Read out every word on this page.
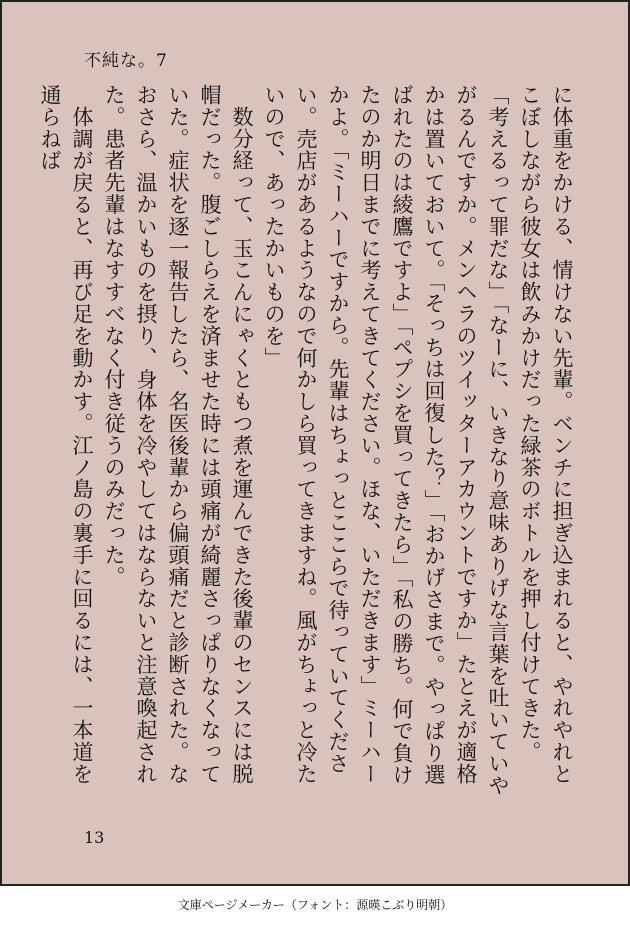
不純な。7

に体重をかける、情けない先輩。ベンチに担ぎ込まれると、やれやれとこぼしながら彼女は飲みかけだった緑茶のボトルを押し付けてきた。

「考えるって罪だな」「なーに、いきなり意味ありげな言葉を吐いていやがるんですか。メンヘラのツイッターアカウントですか」たとえが適格かは置いておいて。「そっちは回復した？」「おかげさまで。やっぱり選ばれたのは綾鷹ですよ」「ペプシを買ってきたら」「私の勝ち。何で負けたのか明日までに考えてきてください。ほな、いただきます」ミーハーかよ。「ミーハーですから。先輩はちょっとここらで待っていてください。売店があるようなので何かしら買ってきますね。風がちょっと冷たいので、あったかいものを」

　数分経って、玉こんにゃくともつ煮を運んできた後輩のセンスには脱帽だった。腹ごしらえを済ませた時には頭痛が綺麗さっぱりなくなっていた。症状を逐一報告したら、名医後輩から偏頭痛だと診断された。なおさら、温かいものを摂り、身体を冷やしてはならないと注意喚起された。患者先輩はなすすべなく付き従うのみだった。

　体調が戻ると、再び足を動かす。江ノ島の裏手に回るには、一本道を通らねば

13
文庫ページメーカー（フォント：源暎こぶり明朝）
